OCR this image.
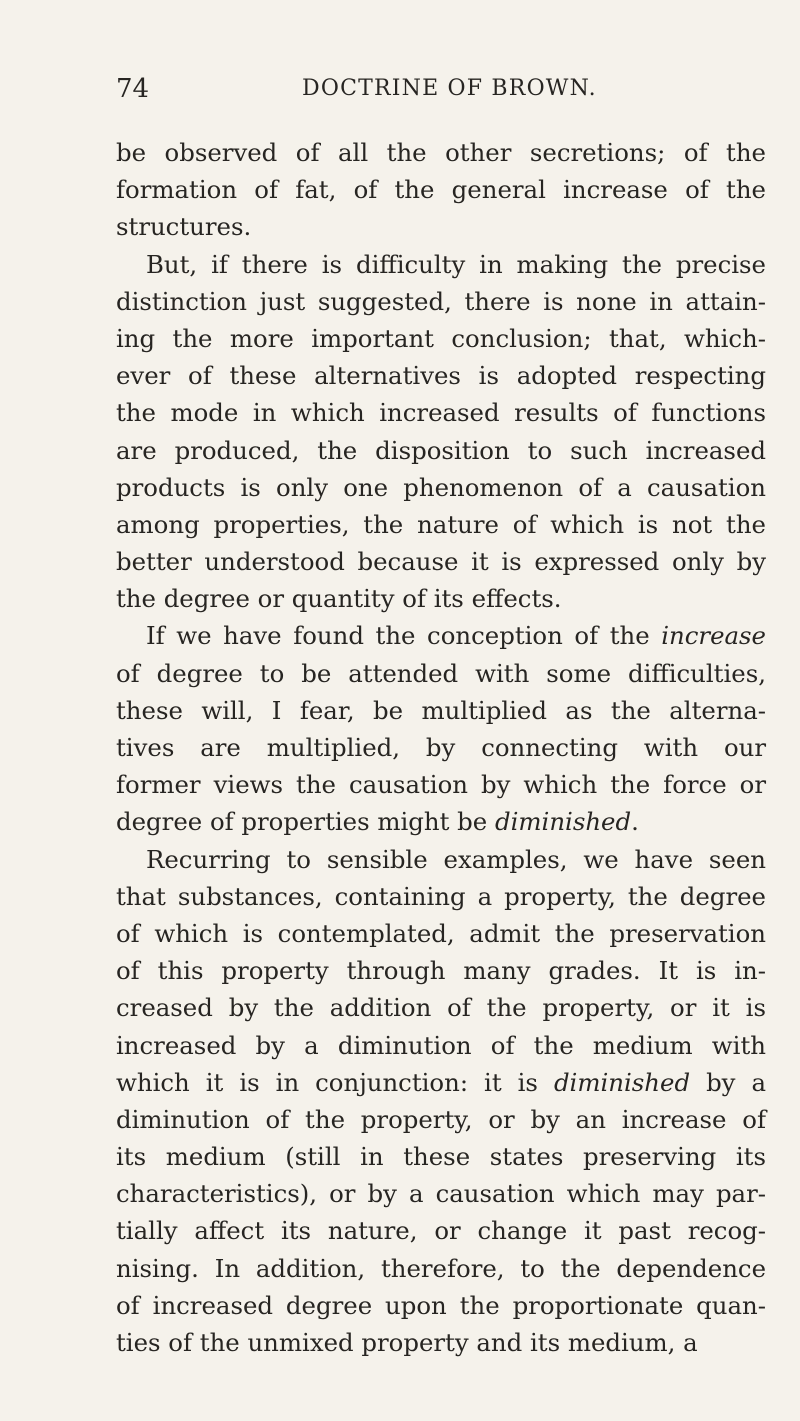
74	DOCTRINE OF BROWN.
be observed of all the other secretions; of the
formation of fat, of the general increase of the
structures.
But, if there is difficulty in making the precise
distinction just suggested, there is none in attain-
ing the more important conclusion; that, which-
ever of these alternatives is adopted respecting
the mode in which increased results of functions
are produced, the disposition to such increased
products is only one phenomenon of a causation
among properties, the nature of which is not the
better understood because it is expressed only by
the degree or quantity of its effects.
If we have found the conception of the increase
of degree to be attended with some difficulties,
these will, I fear, be multiplied as the alterna-
tives are multiplied, by connecting with our
former views the causation by which the force or
degree of properties might be diminished.
Recurring to sensible examples, we have seen
that substances, containing a property, the degree
of which is contemplated, admit the preservation
of this property through many grades. It is in-
creased by the addition of the property, or it is
increased by a diminution of the medium with
which it is in conjunction: it is diminished by a
diminution of the property, or by an increase of
its medium (still in these states preserving its
characteristics), or by a causation which may par-
tially affect its nature, or change it past recog-
nising. In addition, therefore, to the dependence
of increased degree upon the proportionate quan-
ties of the unmixed property and its medium, a
